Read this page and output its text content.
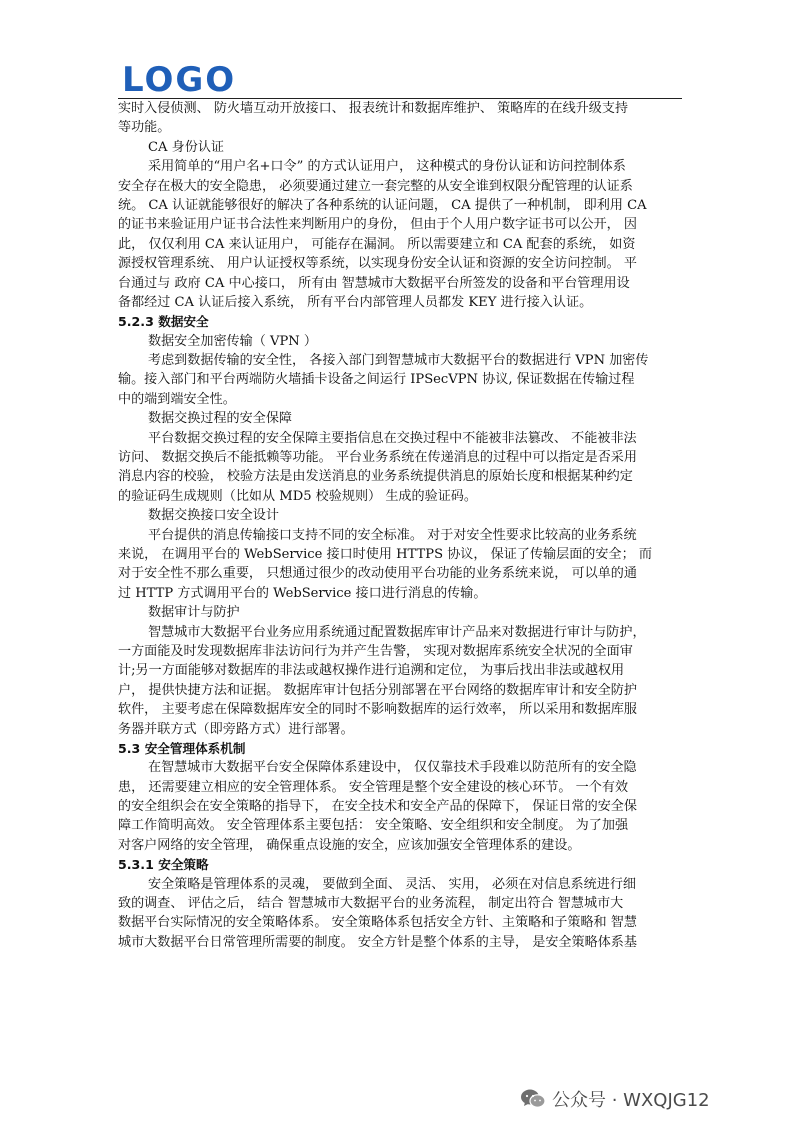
LOGO
实时入侵侦测、 防火墙互动开放接口、 报表统计和数据库维护、 策略库的在线升级支持
等功能。
CA 身份认证
采用简单的“用户名+口令” 的方式认证用户， 这种模式的身份认证和访问控制体系
安全存在极大的安全隐患， 必须要通过建立一套完整的从安全谁到权限分配管理的认证系
统。 CA 认证就能够很好的解决了各种系统的认证问题， CA 提供了一种机制， 即利用 CA
的证书来验证用户证书合法性来判断用户的身份， 但由于个人用户数字证书可以公开， 因
此， 仅仅利用 CA 来认证用户， 可能存在漏洞。 所以需要建立和 CA 配套的系统， 如资
源授权管理系统、 用户认证授权等系统，以实现身份安全认证和资源的安全访问控制。 平
台通过与 政府 CA 中心接口， 所有由 智慧城市大数据平台所签发的设备和平台管理用设
备都经过 CA 认证后接入系统， 所有平台内部管理人员都发 KEY 进行接入认证。
5.2.3 数据安全
数据安全加密传输（ VPN ）
考虑到数据传输的安全性， 各接入部门到智慧城市大数据平台的数据进行 VPN 加密传
输。接入部门和平台两端防火墙插卡设备之间运行 IPSecVPN 协议, 保证数据在传输过程
中的端到端安全性。
数据交换过程的安全保障
平台数据交换过程的安全保障主要指信息在交换过程中不能被非法篡改、 不能被非法
访问、 数据交换后不能抵赖等功能。 平台业务系统在传递消息的过程中可以指定是否采用
消息内容的校验， 校验方法是由发送消息的业务系统提供消息的原始长度和根据某种约定
的验证码生成规则（比如从 MD5 校验规则） 生成的验证码。
数据交换接口安全设计
平台提供的消息传输接口支持不同的安全标准。 对于对安全性要求比较高的业务系统
来说， 在调用平台的 WebService 接口时使用 HTTPS 协议， 保证了传输层面的安全； 而
对于安全性不那么重要， 只想通过很少的改动使用平台功能的业务系统来说， 可以单的通
过 HTTP 方式调用平台的 WebService 接口进行消息的传输。
数据审计与防护
智慧城市大数据平台业务应用系统通过配置数据库审计产品来对数据进行审计与防护，
一方面能及时发现数据库非法访问行为并产生告警， 实现对数据库系统安全状况的全面审
计;另一方面能够对数据库的非法或越权操作进行追溯和定位， 为事后找出非法或越权用
户， 提供快捷方法和证据。 数据库审计包括分别部署在平台网络的数据库审计和安全防护
软件， 主要考虑在保障数据库安全的同时不影响数据库的运行效率， 所以采用和数据库服
务器并联方式（即旁路方式）进行部署。
5.3 安全管理体系机制
在智慧城市大数据平台安全保障体系建设中， 仅仅靠技术手段难以防范所有的安全隐
患， 还需要建立相应的安全管理体系。 安全管理是整个安全建设的核心环节。 一个有效
的安全组织会在安全策略的指导下， 在安全技术和安全产品的保障下， 保证日常的安全保
障工作简明高效。 安全管理体系主要包括： 安全策略、安全组织和安全制度。 为了加强
对客户网络的安全管理， 确保重点设施的安全，应该加强安全管理体系的建设。
5.3.1 安全策略
安全策略是管理体系的灵魂， 要做到全面、 灵活、 实用， 必须在对信息系统进行细
致的调查、 评估之后， 结合 智慧城市大数据平台的业务流程， 制定出符合 智慧城市大
数据平台实际情况的安全策略体系。 安全策略体系包括安全方针、主策略和子策略和 智慧
城市大数据平台日常管理所需要的制度。 安全方针是整个体系的主导， 是安全策略体系基
公众号 · WXQJG12
